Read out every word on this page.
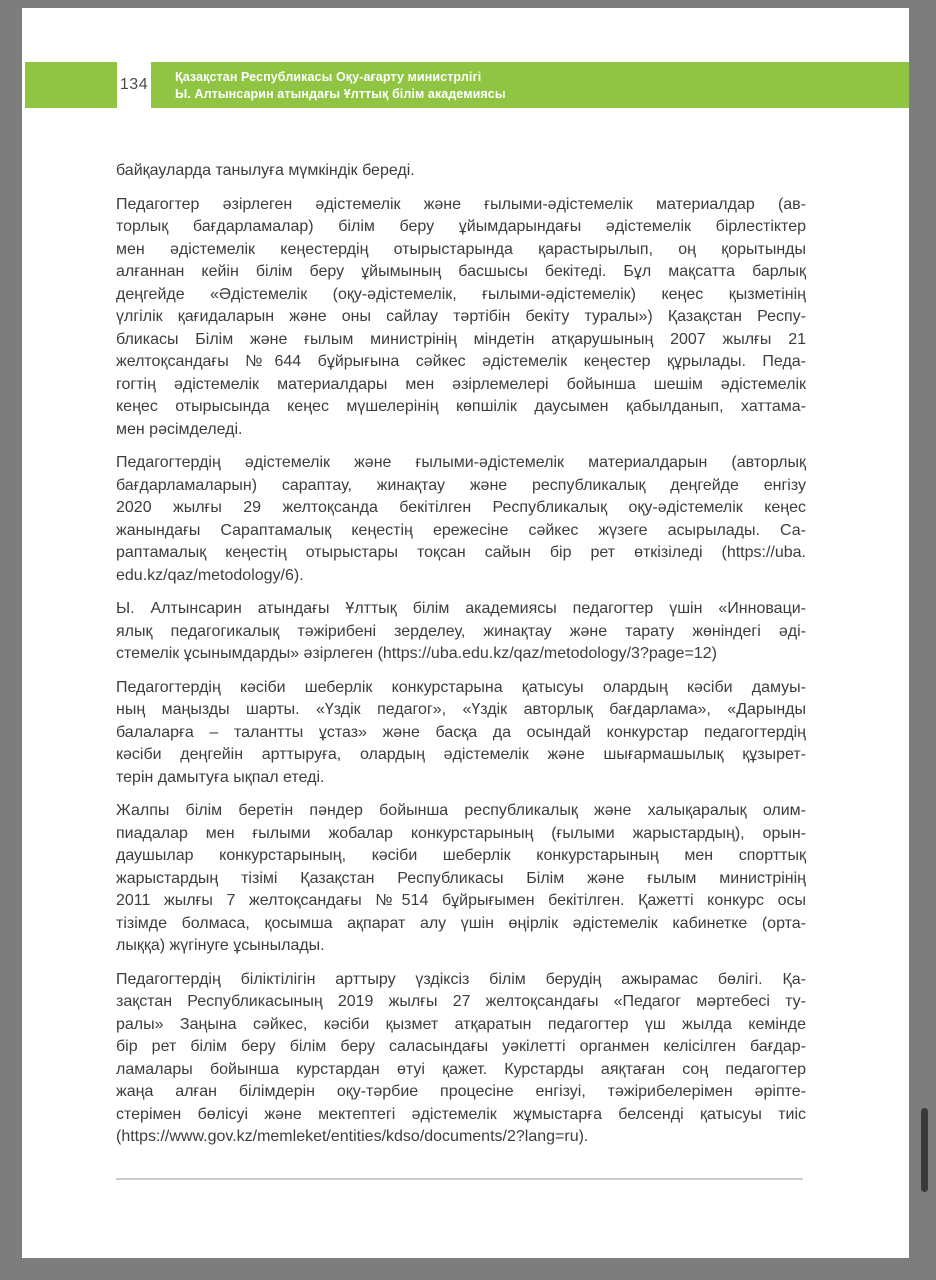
134 Қазақстан Республикасы Оқу-ағарту министрлігі
Ы. Алтынсарин атындағы Ұлттық білім академиясы
байқауларда танылуға мүмкіндік береді.
Педагогтер әзірлеген әдістемелік және ғылыми-әдістемелік материалдар (ав-
торлық бағдарламалар) білім беру ұйымдарындағы әдістемелік бірлестіктер
мен әдістемелік кеңестердің отырыстарында қарастырылып, оң қорытынды
алғаннан кейін білім беру ұйымының басшысы бекітеді. Бұл мақсатта барлық
деңгейде «Әдістемелік (оқу-әдістемелік, ғылыми-әдістемелік) кеңес қызметінің
үлгілік қағидаларын және оны сайлау тәртібін бекіту туралы») Қазақстан Респу-
бликасы Білім және ғылым министрінің міндетін атқарушының 2007 жылғы 21
желтоқсандағы №644 бұйрығына сәйкес әдістемелік кеңестер құрылады. Педа-
гогтің әдістемелік материалдары мен әзірлемелері бойынша шешім әдістемелік
кеңес отырысында кеңес мүшелерінің көпшілік даусымен қабылданып, хаттама-
мен рәсімделеді.
Педагогтердің әдістемелік және ғылыми-әдістемелік материалдарын (авторлық
бағдарламаларын) сараптау, жинақтау және республикалық деңгейде енгізу
2020 жылғы 29 желтоқсанда бекітілген Республикалық оқу-әдістемелік кеңес
жанындағы Сараптамалық кеңестің ережесіне сәйкес жүзеге асырылады. Са-
раптамалық кеңестің отырыстары тоқсан сайын бір рет өткізіледі (https://uba.
edu.kz/qaz/metodology/6).
Ы. Алтынсарин атындағы Ұлттық білім академиясы педагогтер үшін «Инноваци-
ялық педагогикалық тәжірибені зерделеу, жинақтау және тарату жөніндегі әді-
стемелік ұсынымдарды» әзірлеген (https://uba.edu.kz/qaz/metodology/3?page=12)
Педагогтердің кәсіби шеберлік конкурстарына қатысуы олардың кәсіби дамуы-
ның маңызды шарты. «Үздік педагог», «Үздік авторлық бағдарлама», «Дарынды
балаларға – талантты ұстаз» және басқа да осындай конкурстар педагогтердің
кәсіби деңгейін арттыруға, олардың әдістемелік және шығармашылық құзырет-
терін дамытуға ықпал етеді.
Жалпы білім беретін пәндер бойынша республикалық және халықаралық олим-
пиадалар мен ғылыми жобалар конкурстарының (ғылыми жарыстардың), орын-
даушылар конкурстарының, кәсіби шеберлік конкурстарының мен спорттық
жарыстардың тізімі Қазақстан Республикасы Білім және ғылым министрінің
2011 жылғы 7 желтоқсандағы №514 бұйрығымен бекітілген. Қажетті конкурс осы
тізімде болмаса, қосымша ақпарат алу үшін өңірлік әдістемелік кабинетке (орта-
лыққа) жүгінуге ұсынылады.
Педагогтердің біліктілігін арттыру үздіксіз білім берудің ажырамас бөлігі. Қа-
зақстан Республикасының 2019 жылғы 27 желтоқсандағы «Педагог мәртебесі ту-
ралы» Заңына сәйкес, кәсіби қызмет атқаратын педагогтер үш жылда кемінде
бір рет білім беру білім беру саласындағы уәкілетті органмен келісілген бағдар-
ламалары бойынша курстардан өтуі қажет. Курстарды аяқтаған соң педагогтер
жаңа алған білімдерін оқу-тәрбие процесіне енгізуі, тәжірибелерімен әріпте-
стерімен бөлісуі және мектептегі әдістемелік жұмыстарға белсенді қатысуы тиіс
(https://www.gov.kz/memleket/entities/kdso/documents/2?lang=ru).
